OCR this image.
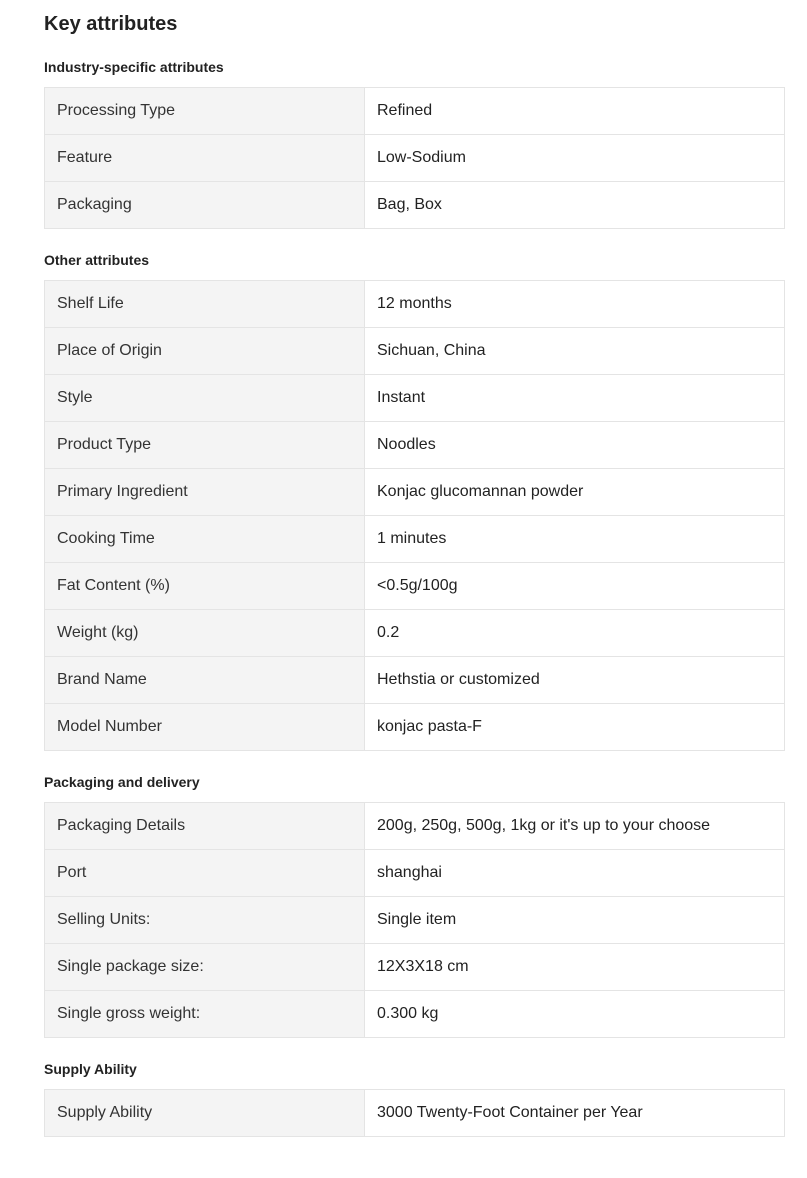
Key attributes
Industry-specific attributes
Processing Type	Refined
Feature	Low-Sodium
Packaging	Bag, Box
Other attributes
Shelf Life	12 months
Place of Origin	Sichuan, China
Style	Instant
Product Type	Noodles
Primary Ingredient	Konjac glucomannan powder
Cooking Time	1 minutes
Fat Content (%)	<0.5g/100g
Weight (kg)	0.2
Brand Name	Hethstia or customized
Model Number	konjac pasta-F
Packaging and delivery
Packaging Details	200g, 250g, 500g, 1kg or it's up to your choose
Port	shanghai
Selling Units:	Single item
Single package size:	12X3X18 cm
Single gross weight:	0.300 kg
Supply Ability
Supply Ability	3000 Twenty-Foot Container per Year
